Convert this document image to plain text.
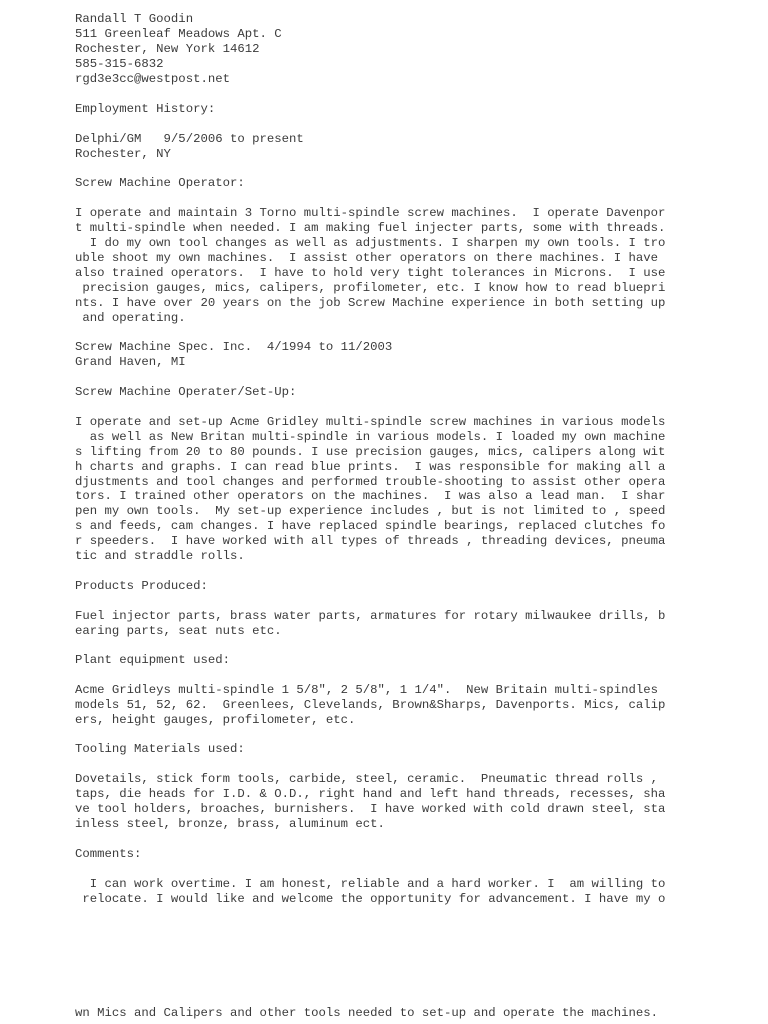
Randall T Goodin

511 Greenleaf Meadows Apt. C

Rochester, New York 14612

585-315-6832

rgd3e3cc@westpost.net

Employment History:

Delphi/GM   9/5/2006 to present

Rochester, NY

Screw Machine Operator:

I operate and maintain 3 Torno multi-spindle screw machines.  I operate Davenpor

t multi-spindle when needed. I am making fuel injecter parts, some with threads.

I do my own tool changes as well as adjustments. I sharpen my own tools. I tro

uble shoot my own machines.  I assist other operators on there machines. I have

also trained operators.  I have to hold very tight tolerances in Microns.  I use

precision gauges, mics, calipers, profilometer, etc. I know how to read bluepri

nts. I have over 20 years on the job Screw Machine experience in both setting up

and operating.

Screw Machine Spec. Inc.  4/1994 to 11/2003

Grand Haven, MI

Screw Machine Operater/Set-Up:

I operate and set-up Acme Gridley multi-spindle screw machines in various models

as well as New Britan multi-spindle in various models. I loaded my own machine

s lifting from 20 to 80 pounds. I use precision gauges, mics, calipers along wit

h charts and graphs. I can read blue prints.  I was responsible for making all a

djustments and tool changes and performed trouble-shooting to assist other opera

tors. I trained other operators on the machines.  I was also a lead man.  I shar

pen my own tools.  My set-up experience includes , but is not limited to , speed

s and feeds, cam changes. I have replaced spindle bearings, replaced clutches fo

r speeders.  I have worked with all types of threads , threading devices, pneuma

tic and straddle rolls.

Products Produced:

Fuel injector parts, brass water parts, armatures for rotary milwaukee drills, b

earing parts, seat nuts etc.

Plant equipment used:

Acme Gridleys multi-spindle 1 5/8", 2 5/8", 1 1/4".  New Britain multi-spindles

models 51, 52, 62.  Greenlees, Clevelands, Brown&Sharps, Davenports. Mics, calip

ers, height gauges, profilometer, etc.

Tooling Materials used:

Dovetails, stick form tools, carbide, steel, ceramic.  Pneumatic thread rolls ,

taps, die heads for I.D. & O.D., right hand and left hand threads, recesses, sha

ve tool holders, broaches, burnishers.  I have worked with cold drawn steel, sta

inless steel, bronze, brass, aluminum ect.

Comments:

I can work overtime. I am honest, reliable and a hard worker. I  am willing to

relocate. I would like and welcome the opportunity for advancement. I have my o

wn Mics and Calipers and other tools needed to set-up and operate the machines.
